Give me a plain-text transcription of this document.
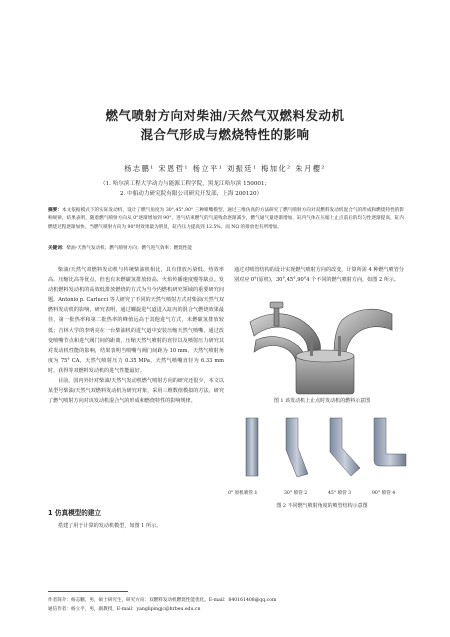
燃气喷射方向对柴油/天然气双燃料发动机
混合气形成与燃烧特性的影响
杨志鹏¹ 宋恩哲¹ 杨立平¹ 刘振廷¹ 梅加化² 朱月樱²
（1. 哈尔滨工程大学动力与能源工程学院，黑龙江哈尔滨 150001；
2. 中船动力研究院有限公司研究开发部，上海 200120）
摘要：本文依据模式下的实际发动机，设计了燃气角度为 30°,45°,90° 三种喷嘴模型，通过三维仿真的方法研究了燃气喷射方向对双燃料发动机混合气的形成和燃烧特性的影响规律，结果表明，随着燃气喷射方向从 0°逐渐增加到 90°，进气结束燃气的气道残余逐渐减少，燃气通气量逐渐增加，缸内气体在压缩上止点前后的均匀性逐渐提高，缸内燃烧过程逐渐加快，当燃气喷射方向为 90°时效果最为明显，缸内压力提高到 12.5%，而 NO 的排放也有所增加。
关键词：柴油-天然气发动机；燃气喷射方向；燃气进气效率；燃烧性能

柴油/天然气双燃料发动机与传统柴油机相比，具有排放污染低、热效率高、压缩比高等优点，但也有未燃碳氢排放较高、火焰传播速度慢等缺点。发动机燃料发动机的高效低排放燃烧的方式为当今内燃机研究领域的重要研究问题。Antonio p. Carlucci 等人研究了不同的天然气喷射方式对柴油/天然气双燃料发动机的影响，研究表明，通过螺旋进气道进入缸内的混合气燃烧效果最佳，第一批热率和第二批热率的峰值远高于其他进气方式，未燃碳氢排放较低；吉林大学的李明亮在一台柴油机的进气道中安装压缩天然气喷嘴，通过改变喷嘴节点和进气阀门间的距离，压缩天然气喷射的直径以及喷射压力研究其对发动机性能的影响，结果表明当喷嘴与阀门间距为 10 mm，天然气喷射角度为 75° CA，天然气喷射压力 0.35 MPa，天然气喷嘴直径为 6.33 mm 时，获得等双燃料发动机的进气性能最好。

目前，国内外针对柴油/天然气发动机燃气喷射方向的研究还很少，本文以某型号柴油/天然气双燃料发动机为研究对象，采用三维数值模拟的方法，研究了燃气喷射方向对该发动机混合气的形成和燃烧特性的影响规律。

1 仿真模型的建立

搭建了用于计算的发动机模型，如图 1 所示。

通过对喷管结构的设计实现燃气喷射方向的改变，计算所需 4 种燃气喷管分别对应 0°(原机)，30°,45°,90°4 个不同的燃气喷射方向，如图 2 所示。

图 1 该发动机上止点时发动机的燃料示意图
0° 原机喷管 1	30° 喷管 2	45° 喷管 3	90° 喷管 4
图 2 不同燃气喷射角度的喷管结构示意图
作者简介：杨志鹏，男，硕士研究生，研究方向：双燃料发动机燃烧性能优化。E-mail：840161408@qq.com
通信作者：杨立平，男，副教授，E-mail：yanglipingjc@hrbeu.edu.cn
